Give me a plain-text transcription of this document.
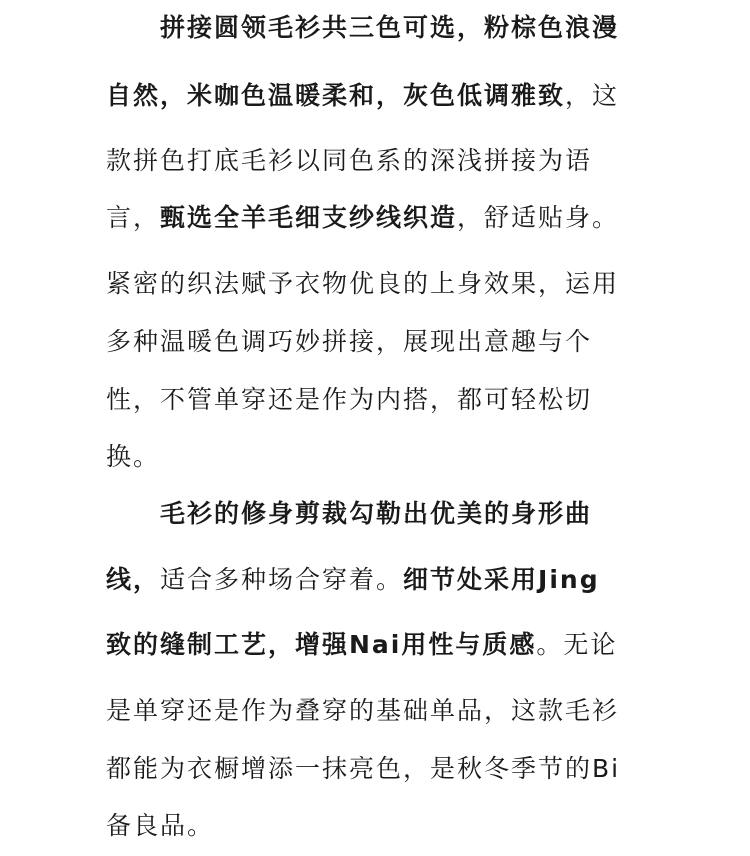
拼接圆领毛衫共三色可选，粉棕色浪漫
自然，米咖色温暖柔和，灰色低调雅致，这
款拼色打底毛衫以同色系的深浅拼接为语
言，甄选全羊毛细支纱线织造，舒适贴身。
紧密的织法赋予衣物优良的上身效果，运用
多种温暖色调巧妙拼接，展现出意趣与个
性，不管单穿还是作为内搭，都可轻松切
换。
毛衫的修身剪裁勾勒出优美的身形曲
线，适合多种场合穿着。细节处采用Jing
致的缝制工艺，增强Nai用性与质感。无论
是单穿还是作为叠穿的基础单品，这款毛衫
都能为衣橱增添一抹亮色，是秋冬季节的Bi
备良品。
